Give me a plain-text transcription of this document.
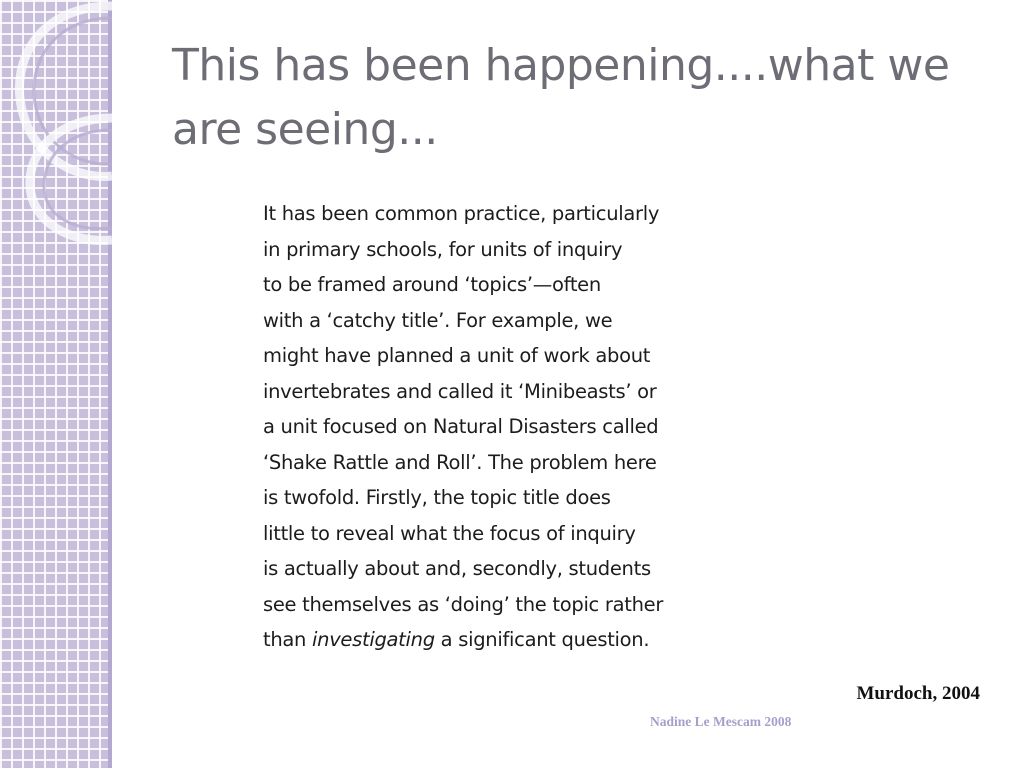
This has been happening....what we are seeing...

It has been common practice, particularly
in primary schools, for units of inquiry
to be framed around ‘topics’—often
with a ‘catchy title’. For example, we
might have planned a unit of work about
invertebrates and called it ‘Minibeasts’ or
a unit focused on Natural Disasters called
‘Shake Rattle and Roll’. The problem here
is twofold. Firstly, the topic title does
little to reveal what the focus of inquiry
is actually about and, secondly, students
see themselves as ‘doing’ the topic rather
than investigating a significant question.

Murdoch, 2004

Nadine Le Mescam 2008
